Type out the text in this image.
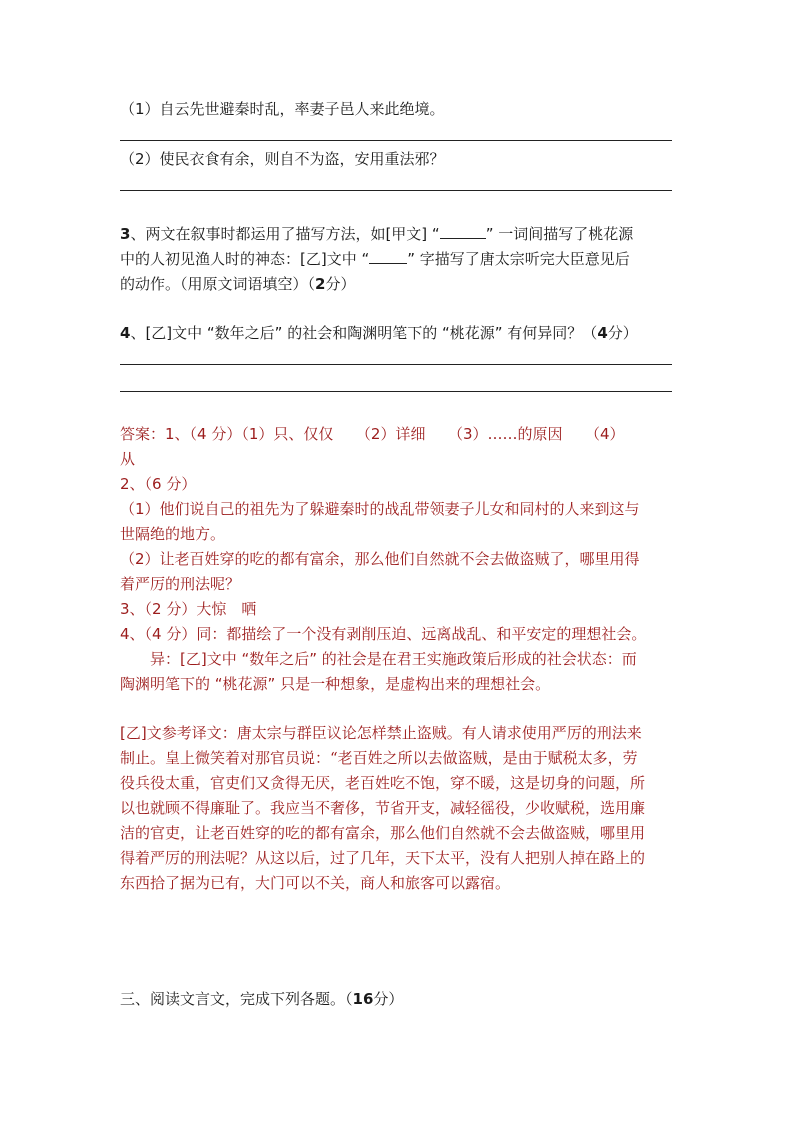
（1）自云先世避秦时乱，率妻子邑人来此绝境。
（2）使民衣食有余，则自不为盗，安用重法邪？
3、两文在叙事时都运用了描写方法，如[甲文] “	” 一词间描写了桃花源
中的人初见渔人时的神态：[乙]文中 “	” 字描写了唐太宗听完大臣意见后
的动作。（用原文词语填空）（2分）
4、[乙]文中 “数年之后” 的社会和陶渊明笔下的 “桃花源” 有何异同？（4分）
答案：1、（4 分）（1）只、仅仅　　（2）详细　　（3）……的原因　　（4）
从
2、（6 分）
（1）他们说自己的祖先为了躲避秦时的战乱带领妻子儿女和同村的人来到这与
世隔绝的地方。
（2）让老百姓穿的吃的都有富余，那么他们自然就不会去做盗贼了，哪里用得
着严厉的刑法呢？
3、（2 分）大惊　哂
4、（4 分）同：都描绘了一个没有剥削压迫、远离战乱、和平安定的理想社会。
　　异：[乙]文中 “数年之后” 的社会是在君王实施政策后形成的社会状态：而
陶渊明笔下的 “桃花源” 只是一种想象，是虚构出来的理想社会。
[乙]文参考译文：唐太宗与群臣议论怎样禁止盗贼。有人请求使用严厉的刑法来
制止。皇上微笑着对那官员说：“老百姓之所以去做盗贼，是由于赋税太多，劳
役兵役太重，官吏们又贪得无厌，老百姓吃不饱，穿不暖，这是切身的问题，所
以也就顾不得廉耻了。我应当不奢侈，节省开支，减轻徭役，少收赋税，选用廉
洁的官吏，让老百姓穿的吃的都有富余，那么他们自然就不会去做盗贼，哪里用
得着严厉的刑法呢？从这以后，过了几年，天下太平，没有人把别人掉在路上的
东西拾了据为已有，大门可以不关，商人和旅客可以露宿。
三、阅读文言文，完成下列各题。（16分）
